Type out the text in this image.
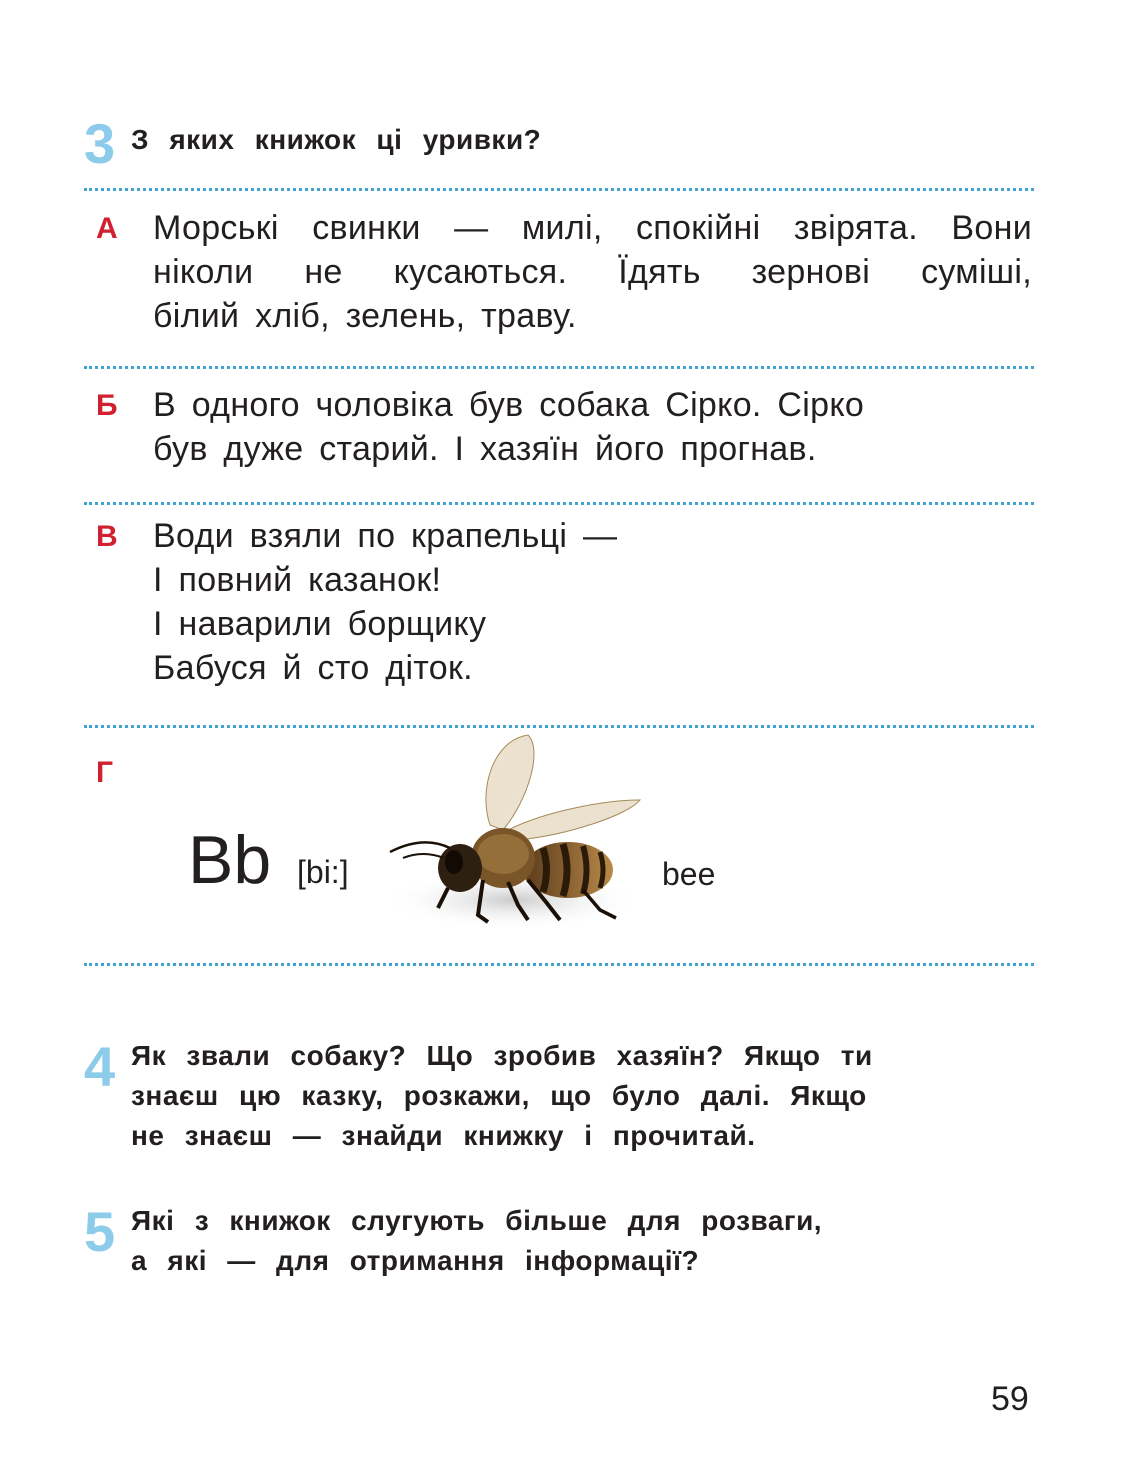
3 З яких книжок ці уривки?
А Морські свинки — милі, спокійні звірята. Вони
ніколи не кусаються. Їдять зернові суміші,
білий хліб, зелень, траву.
Б В одного чоловіка був собака Сірко. Сірко
був дуже старий. І хазяїн його прогнав.
В Води взяли по крапельці —
І повний казанок!
І наварили борщику
Бабуся й сто діток.
Г
Bb [bi:]	bee
4 Як звали собаку? Що зробив хазяїн? Якщо ти
знаєш цю казку, розкажи, що було далі. Якщо
не знаєш — знайди книжку і прочитай.
5 Які з книжок слугують більше для розваги,
а які — для отримання інформації?
59
